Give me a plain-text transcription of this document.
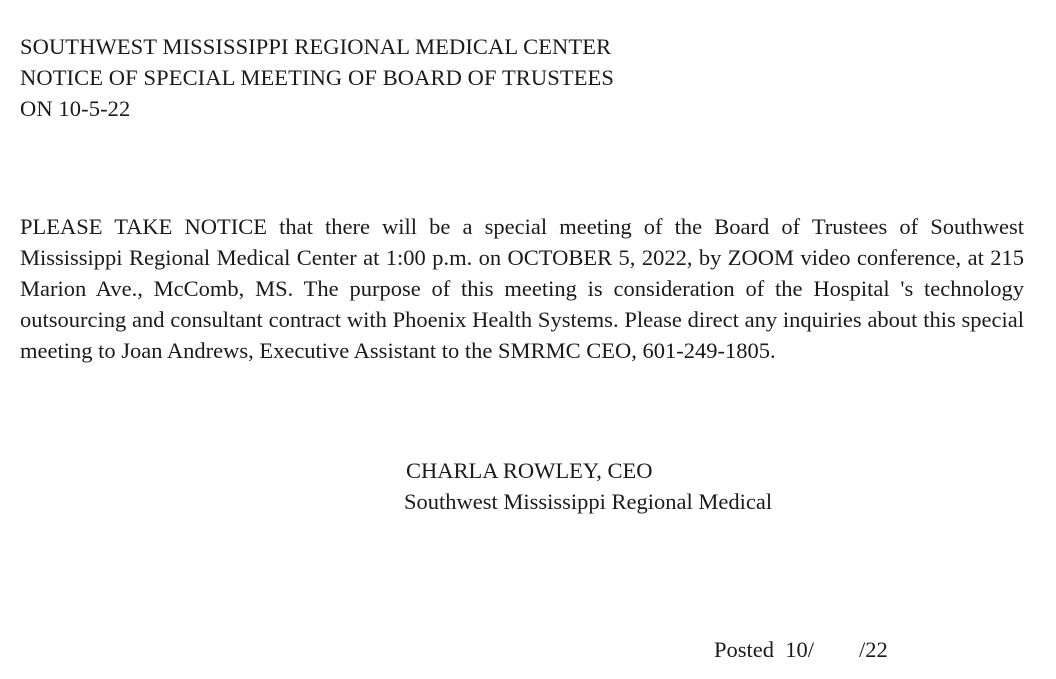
SOUTHWEST MISSISSIPPI REGIONAL MEDICAL CENTER
NOTICE OF SPECIAL MEETING OF BOARD OF TRUSTEES
ON 10-5-22

PLEASE TAKE NOTICE that there will be a special meeting of the Board of Trustees of Southwest Mississippi Regional Medical Center at 1:00 p.m. on OCTOBER 5, 2022, by ZOOM video conference, at 215 Marion Ave., McComb, MS. The purpose of this meeting is consideration of the Hospital 's technology outsourcing and consultant contract with Phoenix Health Systems. Please direct any inquiries about this special meeting to Joan Andrews, Executive Assistant to the SMRMC CEO, 601-249-1805.

CHARLA ROWLEY, CEO
Southwest Mississippi Regional Medical
Posted  10/        /22
